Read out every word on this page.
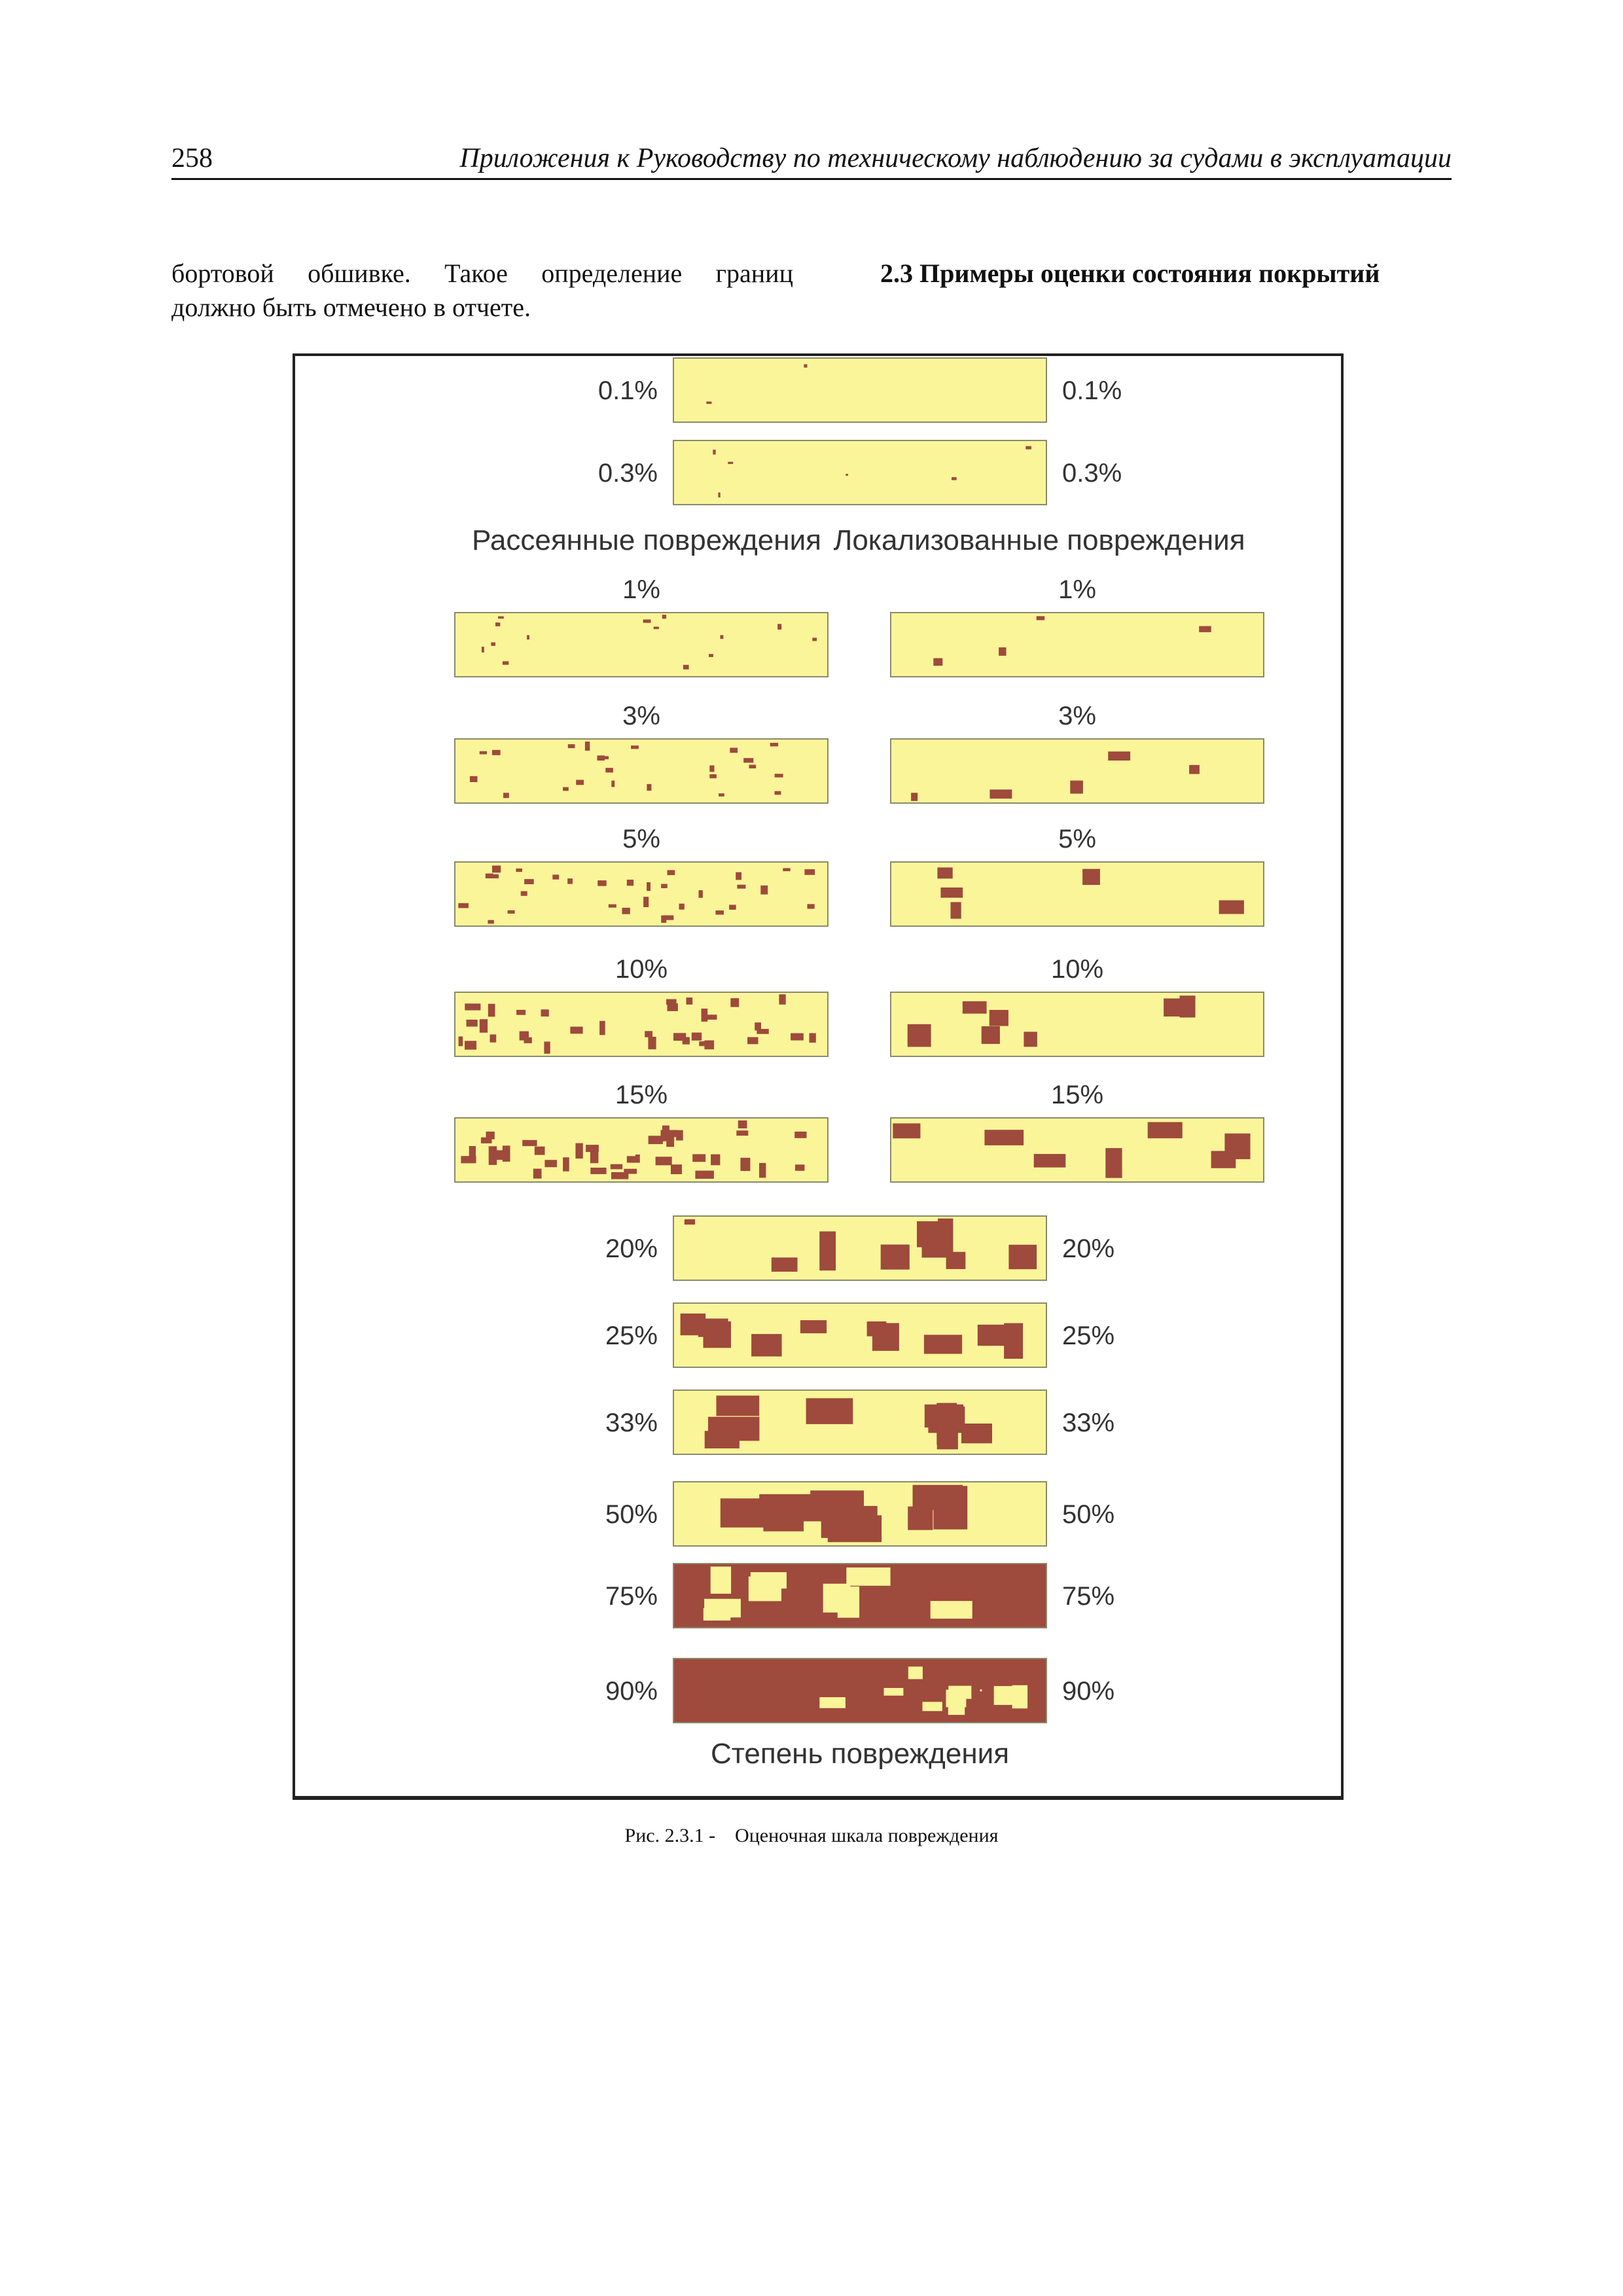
258	Приложения к Руководству по техническому наблюдению за судами в эксплуатации
бортовой обшивке. Такое определение границ
должно быть отмечено в отчете.
2.3 Примеры оценки состояния покрытий
0.1%	0.1%
0.3%	0.3%
Рассеянные повреждения Локализованные повреждения
1%	1%
3%	3%
5%	5%
10%	10%
15%	15%
20%	20%
25%	25%
33%	33%
50%	50%
75%	75%
90%	90%
Степень повреждения
Рис. 2.3.1 -    Оценочная шкала повреждения
